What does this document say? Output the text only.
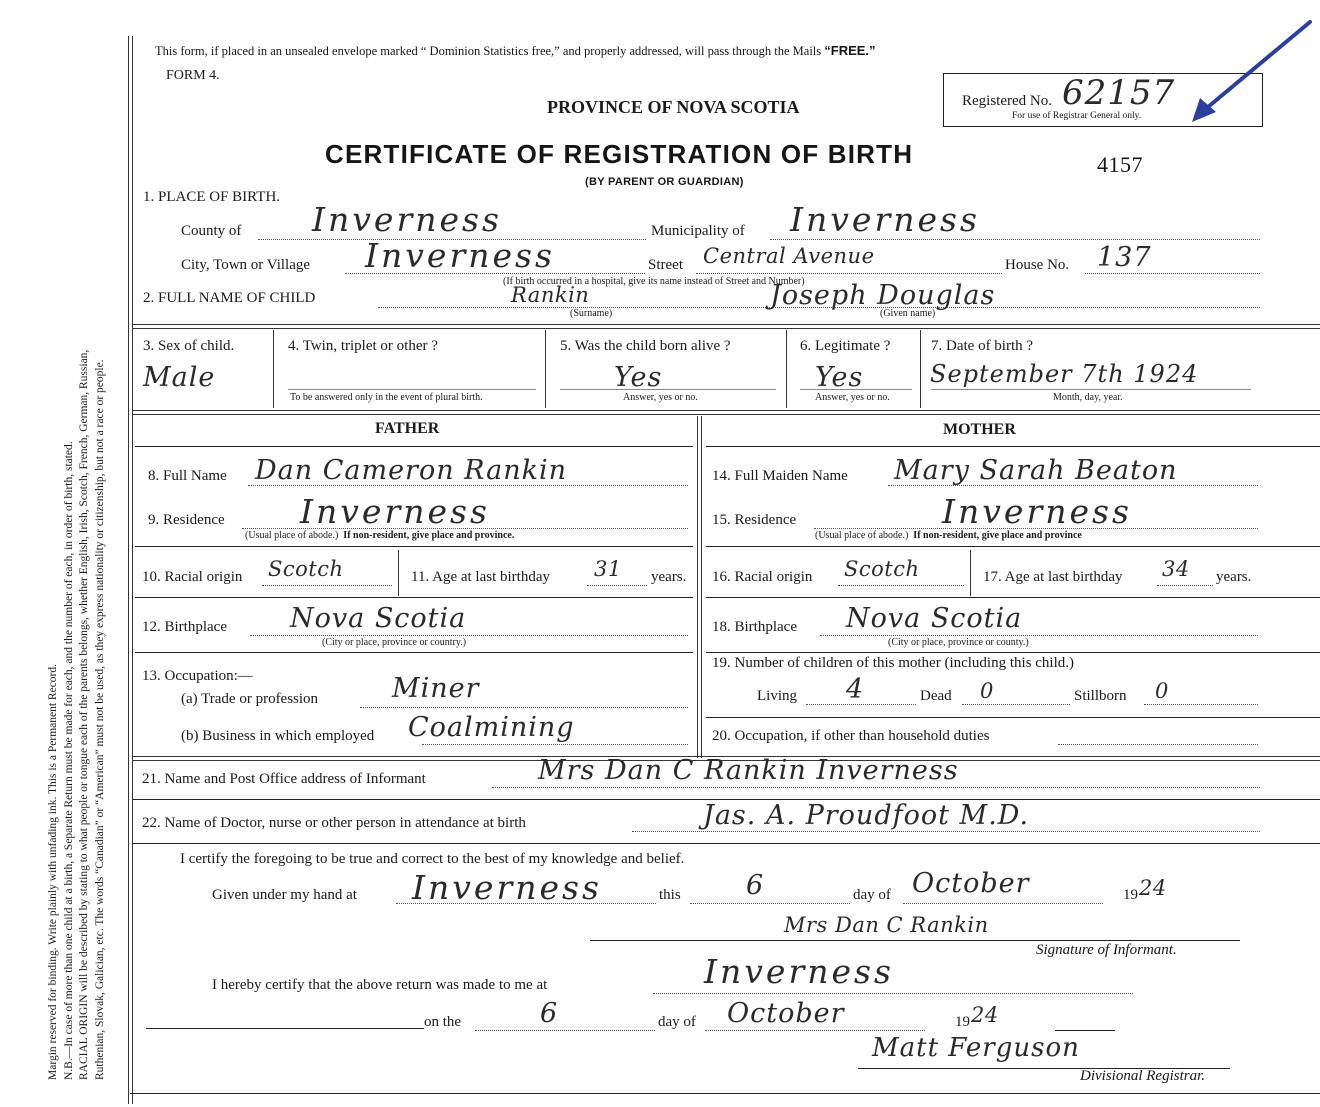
Margin reserved for binding. Write plainly with unfading ink. This is a Permanent Record. N.B.—In case of more than one child at a birth, a Separate Return must be made for each, and the number of each, in order of birth, stated. RACIAL ORIGIN will be described by stating to what people or tongue each of the parents belongs, whether English, Irish, Scotch, French, German, Russian, Ruthenian, Slovak, Galician, etc. The words “Canadian” or “American” must not be used, as they express nationality or citizenship, but not a race or people.
This form, if placed in an unsealed envelope marked “ Dominion Statistics free,” and properly addressed, will pass through the Mails “FREE.”
FORM 4.
PROVINCE OF NOVA SCOTIA
CERTIFICATE OF REGISTRATION OF BIRTH
(BY PARENT OR GUARDIAN)
Registered No. 62157
For use of Registrar General only.
4157
1. PLACE OF BIRTH.
County of Inverness	Municipality of Inverness
City, Town or Village Inverness	Street Central Avenue	House No. 137
(If birth occurred in a hospital, give its name instead of Street and Number)
2. FULL NAME OF CHILD	Rankin
(Surname)
Joseph Douglas
(Given name)
3. Sex of child.
Male
4. Twin, triplet or other ?
To be answered only in the event of plural birth.
5. Was the child born alive ?
Yes
Answer, yes or no.
6. Legitimate ?
Yes
Answer, yes or no.
7. Date of birth ?
September 7th 1924
Month, day, year.
FATHER	MOTHER
8. Full Name Dan Cameron Rankin	14. Full Maiden Name Mary Sarah Beaton
9. Residence Inverness
(Usual place of abode.) If non-resident, give place and province.
15. Residence	Inverness
(Usual place of abode.) If non-resident, give place and province
10. Racial origin Scotch	11. Age at last birthday 31 years. 16. Racial origin Scotch	17. Age at last birthday 34 years.
12. Birthplace Nova Scotia
(City or place, province or country.)
18. Birthplace Nova Scotia
(City or place, province or county.)
13. Occupation:—
(a) Trade or profession	Miner
19. Number of children of this mother (including this child.)
Living 4	Dead 0	Stillborn 0
(b) Business in which employed Coalmining	20. Occupation, if other than household duties
21. Name and Post Office address of Informant	Mrs Dan C Rankin Inverness
22. Name of Doctor, nurse or other person in attendance at birth	Jas. A. Proudfoot M.D.
I certify the foregoing to be true and correct to the best of my knowledge and belief.
Given under my hand at Inverness	this 6	day of October	19 24
Mrs Dan C Rankin
Signature of Informant.
I hereby certify that the above return was made to me at	Inverness
on the	6	day of October	19 24
Matt Ferguson
Divisional Registrar.
